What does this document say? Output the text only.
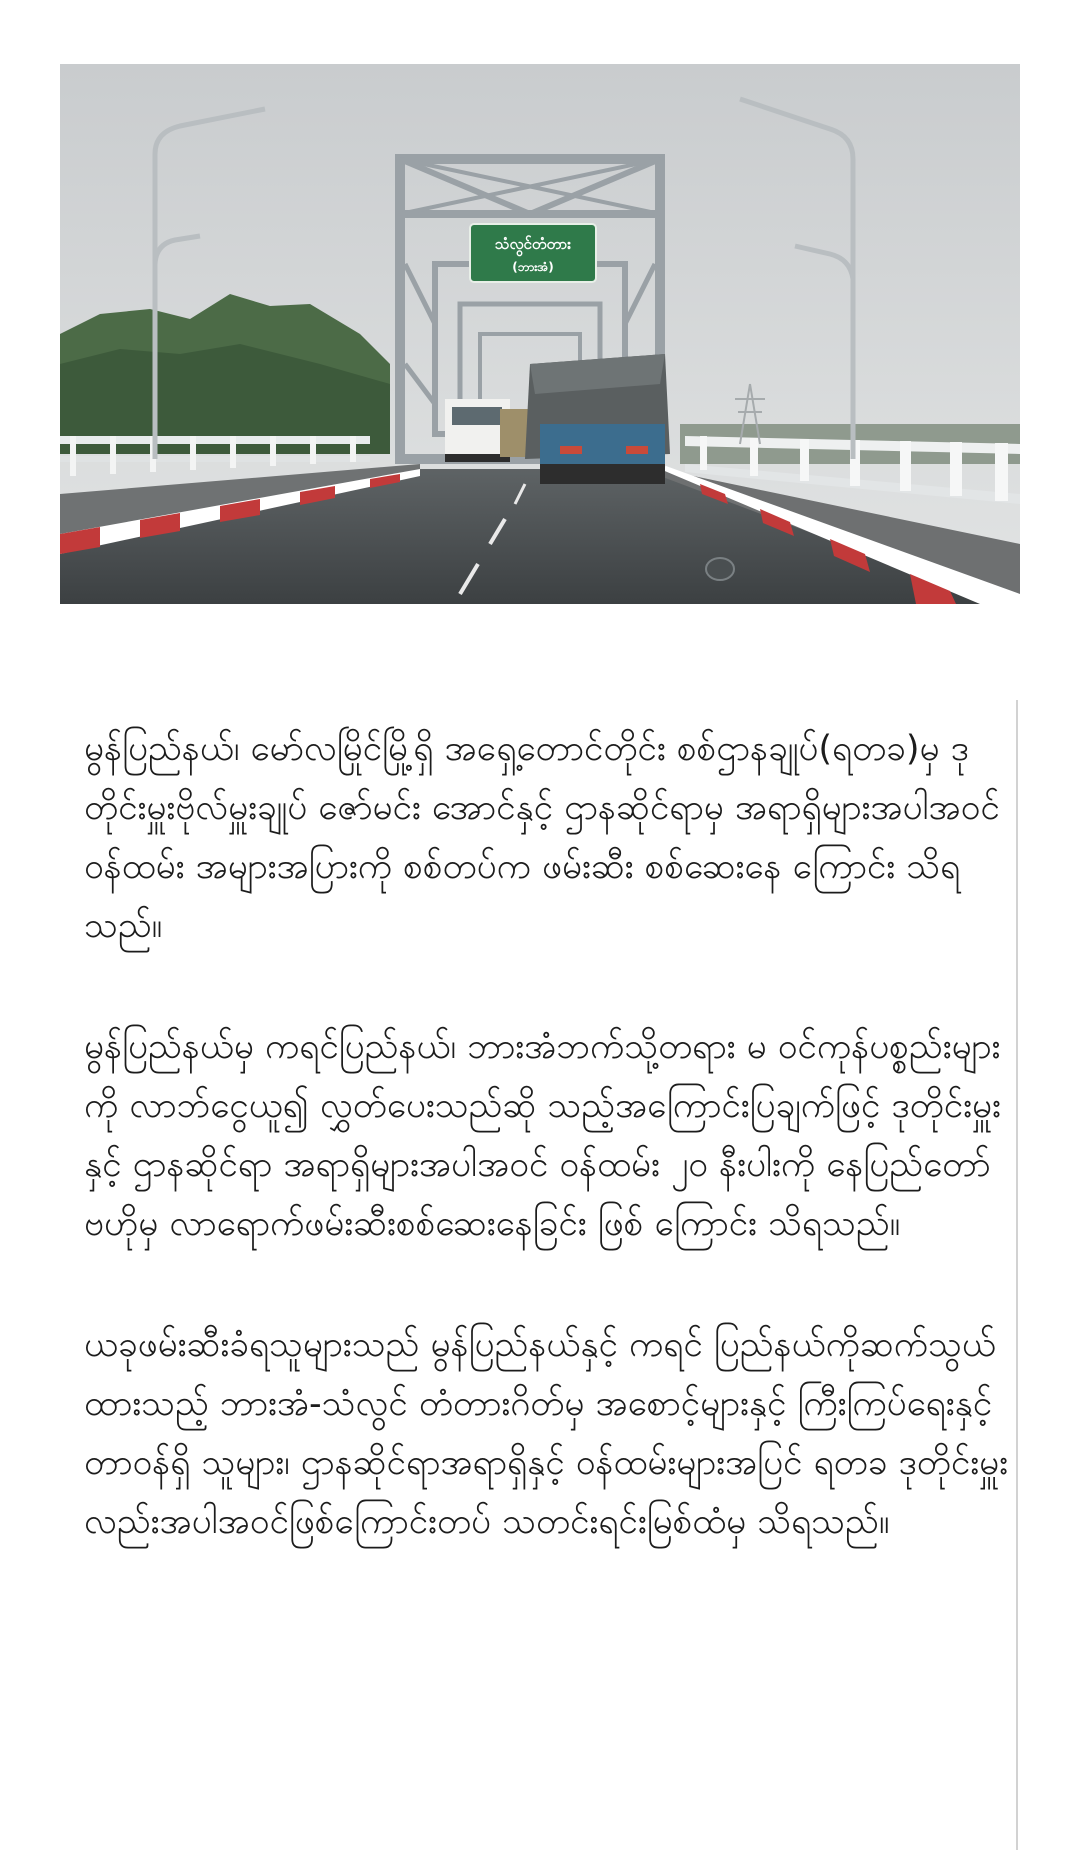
သံလွင်တံတား
(ဘားအံ)

မွန်ပြည်နယ်၊ မော်လမြိုင်မြို့ရှိ အရှေ့တောင်တိုင်း စစ်ဌာနချုပ်(ရတခ)မှ ဒုတိုင်းမှူးဗိုလ်မှူးချုပ် ဇော်မင်း အောင်နှင့် ဌာနဆိုင်ရာမှ အရာရှိများအပါအဝင်ဝန်ထမ်း အများအပြားကို စစ်တပ်က ဖမ်းဆီး စစ်ဆေးနေ ကြောင်း သိရသည်။

မွန်ပြည်နယ်မှ ကရင်ပြည်နယ်၊ ဘားအံဘက်သို့တရား မ ဝင်ကုန်ပစ္စည်းများကို လာဘ်ငွေယူ၍ လွှတ်ပေးသည်ဆို သည့်အကြောင်းပြချက်ဖြင့် ဒုတိုင်းမှူးနှင့် ဌာနဆိုင်ရာ အရာရှိများအပါအဝင် ဝန်ထမ်း ၂၀ နီးပါးကို နေပြည်တော်ဗဟိုမှ လာရောက်ဖမ်းဆီးစစ်ဆေးနေခြင်း ဖြစ် ကြောင်း သိရသည်။

ယခုဖမ်းဆီးခံရသူများသည် မွန်ပြည်နယ်နှင့် ကရင် ပြည်နယ်ကိုဆက်သွယ်ထားသည့် ဘားအံ-သံလွင် တံတားဂိတ်မှ အစောင့်များနှင့် ကြီးကြပ်ရေးနှင့် တာဝန်ရှိ သူများ၊ ဌာနဆိုင်ရာအရာရှိနှင့် ဝန်ထမ်းများအပြင် ရတခ ဒုတိုင်းမှူးလည်းအပါအဝင်ဖြစ်ကြောင်းတပ် သတင်းရင်းမြစ်ထံမှ သိရသည်။
